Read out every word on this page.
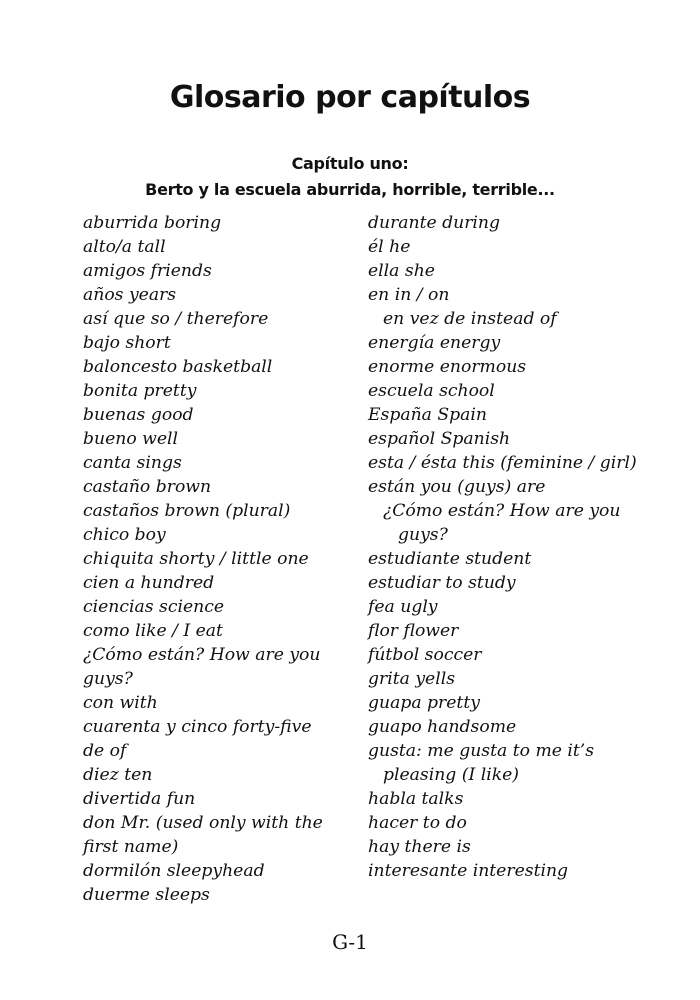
Glosario por capítulos
Capítulo uno:
Berto y la escuela aburrida, horrible, terrible...
aburrida boring
alto/a tall
amigos friends
años years
así que so / therefore
bajo short
baloncesto basketball
bonita pretty
buenas good
bueno well
canta sings
castaño brown
castaños brown (plural)
chico boy
chiquita shorty / little one
cien a hundred
ciencias science
como like / I eat
¿Cómo están? How are you
guys?
con with
cuarenta y cinco forty-five
de of
diez ten
divertida fun
don Mr. (used only with the
first name)
dormilón sleepyhead
duerme sleeps
durante during
él he
ella she
en in / on
en vez de instead of
energía energy
enorme enormous
escuela school
España Spain
español Spanish
esta / ésta this (feminine / girl)
están you (guys) are
¿Cómo están? How are you
guys?
estudiante student
estudiar to study
fea ugly
flor flower
fútbol soccer
grita yells
guapa pretty
guapo handsome
gusta: me gusta to me it’s
pleasing (I like)
habla talks
hacer to do
hay there is
interesante interesting
G-1
